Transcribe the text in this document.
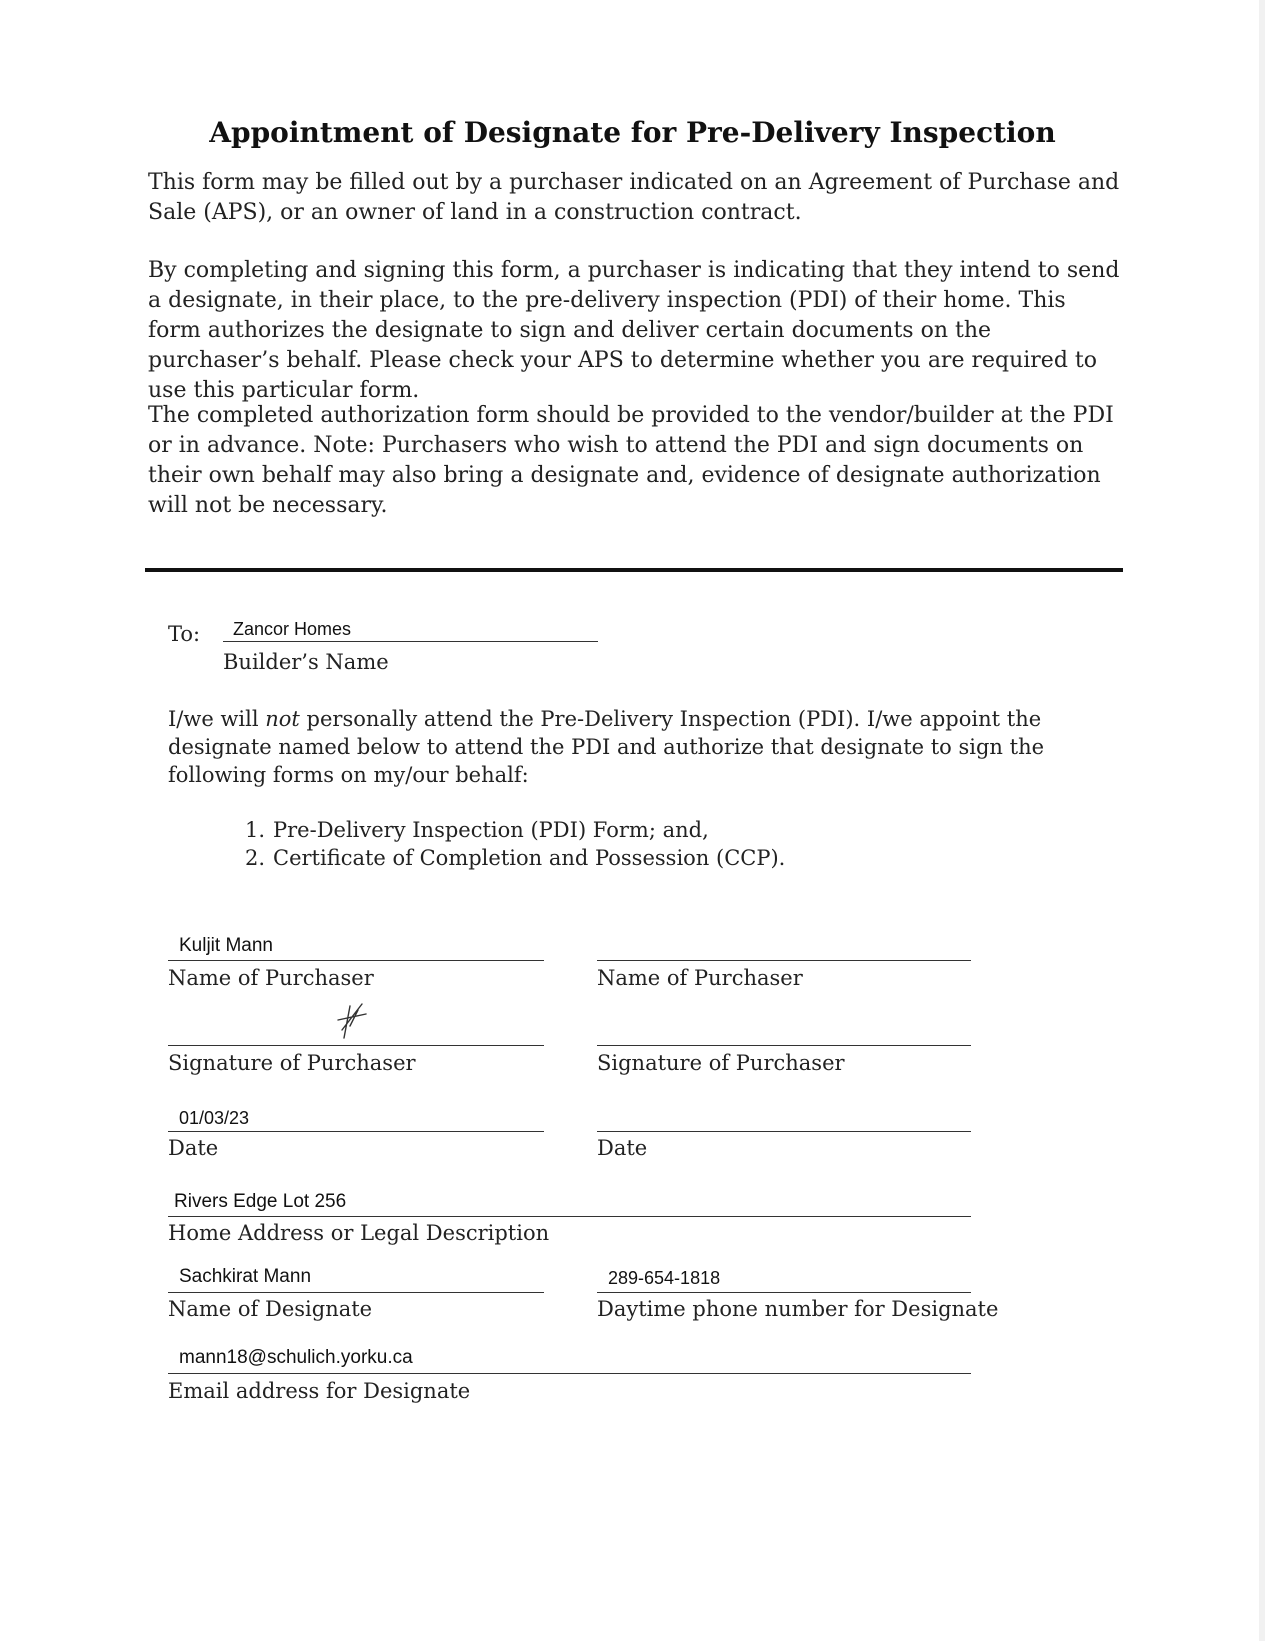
Appointment of Designate for Pre-Delivery Inspection
This form may be filled out by a purchaser indicated on an Agreement of Purchase and Sale (APS), or an owner of land in a construction contract.
By completing and signing this form, a purchaser is indicating that they intend to send a designate, in their place, to the pre-delivery inspection (PDI) of their home. This form authorizes the designate to sign and deliver certain documents on the purchaser’s behalf. Please check your APS to determine whether you are required to use this particular form.
The completed authorization form should be provided to the vendor/builder at the PDI or in advance. Note: Purchasers who wish to attend the PDI and sign documents on their own behalf may also bring a designate and, evidence of designate authorization will not be necessary.
To: Zancor Homes
Builder’s Name
I/we will not personally attend the Pre-Delivery Inspection (PDI). I/we appoint the designate named below to attend the PDI and authorize that designate to sign the following forms on my/our behalf:
1. Pre-Delivery Inspection (PDI) Form; and,
2. Certificate of Completion and Possession (CCP).
Kuljit Mann
Name of Purchaser	Name of Purchaser
Signature of Purchaser	Signature of Purchaser
01/03/23
Date	Date
Rivers Edge Lot 256
Home Address or Legal Description
Sachkirat Mann
Name of Designate
289-654-1818
Daytime phone number for Designate
mann18@schulich.yorku.ca
Email address for Designate
